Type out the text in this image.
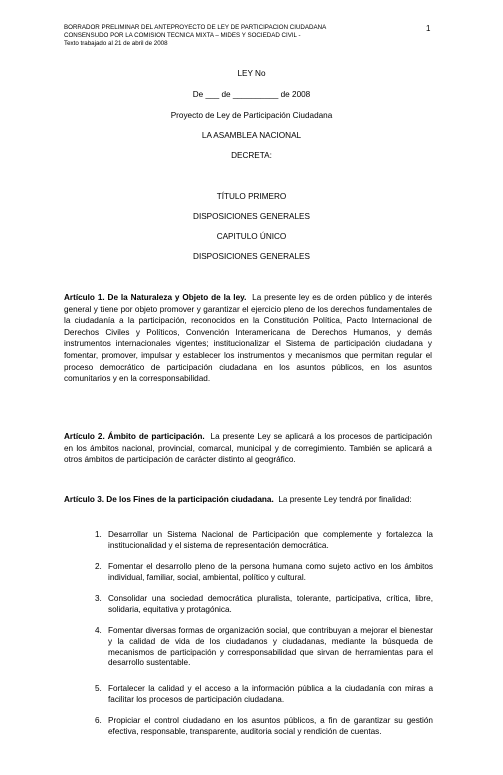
BORRADOR PRELIMINAR DEL ANTEPROYECTO DE LEY DE PARTICIPACION CIUDADANA
CONSENSUDO POR LA COMISION TECNICA MIXTA – MIDES Y SOCIEDAD CIVIL -
Texto trabajado al 21 de abril de 2008
1
LEY No
De ___ de __________ de 2008
Proyecto de Ley de Participación Ciudadana
LA ASAMBLEA NACIONAL
DECRETA:
TÍTULO PRIMERO
DISPOSICIONES GENERALES
CAPITULO ÚNICO
DISPOSICIONES GENERALES
Artículo 1. De la Naturaleza y Objeto de la ley. La presente ley es de orden público y de interés general y tiene por objeto promover y garantizar el ejercicio pleno de los derechos fundamentales de la ciudadanía a la participación, reconocidos en la Constitución Política, Pacto Internacional de Derechos Civiles y Políticos, Convención Interamericana de Derechos Humanos, y demás instrumentos internacionales vigentes; institucionalizar el Sistema de participación ciudadana y fomentar, promover, impulsar y establecer los instrumentos y mecanismos que permitan regular el proceso democrático de participación ciudadana en los asuntos públicos, en los asuntos comunitarios y en la corresponsabilidad.
Artículo 2. Ámbito de participación. La presente Ley se aplicará a los procesos de participación en los ámbitos nacional, provincial, comarcal, municipal y de corregimiento. También se aplicará a otros ámbitos de participación de carácter distinto al geográfico.
Artículo 3. De los Fines de la participación ciudadana. La presente Ley tendrá por finalidad:
1. Desarrollar un Sistema Nacional de Participación que complemente y fortalezca la institucionalidad y el sistema de representación democrática.
2. Fomentar el desarrollo pleno de la persona humana como sujeto activo en los ámbitos individual, familiar, social, ambiental, político y cultural.
3. Consolidar una sociedad democrática pluralista, tolerante, participativa, crítica, libre, solidaria, equitativa y protagónica.
4. Fomentar diversas formas de organización social, que contribuyan a mejorar el bienestar y la calidad de vida de los ciudadanos y ciudadanas, mediante la búsqueda de mecanismos de participación y corresponsabilidad que sirvan de herramientas para el desarrollo sustentable.
5. Fortalecer la calidad y el acceso a la información pública a la ciudadanía con miras a facilitar los procesos de participación ciudadana.
6. Propiciar el control ciudadano en los asuntos públicos, a fin de garantizar su gestión efectiva, responsable, transparente, auditoria social y rendición de cuentas.
